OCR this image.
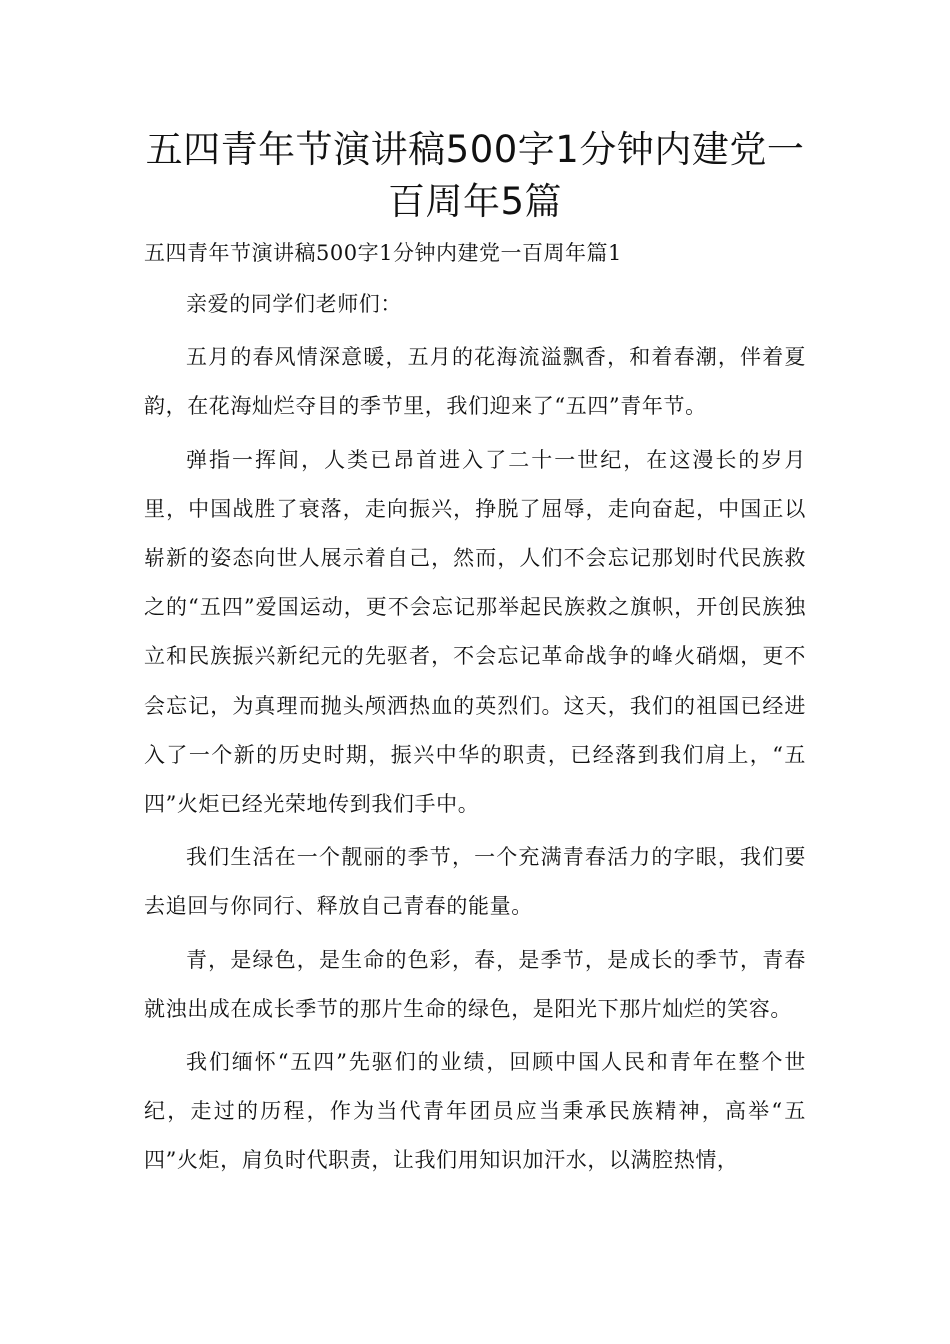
五四青年节演讲稿500字1分钟内建党一百周年5篇

五四青年节演讲稿500字1分钟内建党一百周年篇1

亲爱的同学们老师们：

五月的春风情深意暖，五月的花海流溢飘香，和着春潮，伴着夏韵，在花海灿烂夺目的季节里，我们迎来了“五四”青年节。

弹指一挥间，人类已昂首进入了二十一世纪，在这漫长的岁月里，中国战胜了衰落，走向振兴，挣脱了屈辱，走向奋起，中国正以崭新的姿态向世人展示着自己，然而，人们不会忘记那划时代民族救之的“五四”爱国运动，更不会忘记那举起民族救之旗帜，开创民族独立和民族振兴新纪元的先驱者，不会忘记革命战争的峰火硝烟，更不会忘记，为真理而抛头颅洒热血的英烈们。这天，我们的祖国已经进入了一个新的历史时期，振兴中华的职责，已经落到我们肩上，“五四”火炬已经光荣地传到我们手中。

我们生活在一个靓丽的季节，一个充满青春活力的字眼，我们要去追回与你同行、释放自己青春的能量。

青，是绿色，是生命的色彩，春，是季节，是成长的季节，青春就浊出成在成长季节的那片生命的绿色，是阳光下那片灿烂的笑容。

我们缅怀“五四”先驱们的业绩，回顾中国人民和青年在整个世纪，走过的历程，作为当代青年团员应当秉承民族精神，高举“五四”火炬，肩负时代职责，让我们用知识加汗水，以满腔热情，
